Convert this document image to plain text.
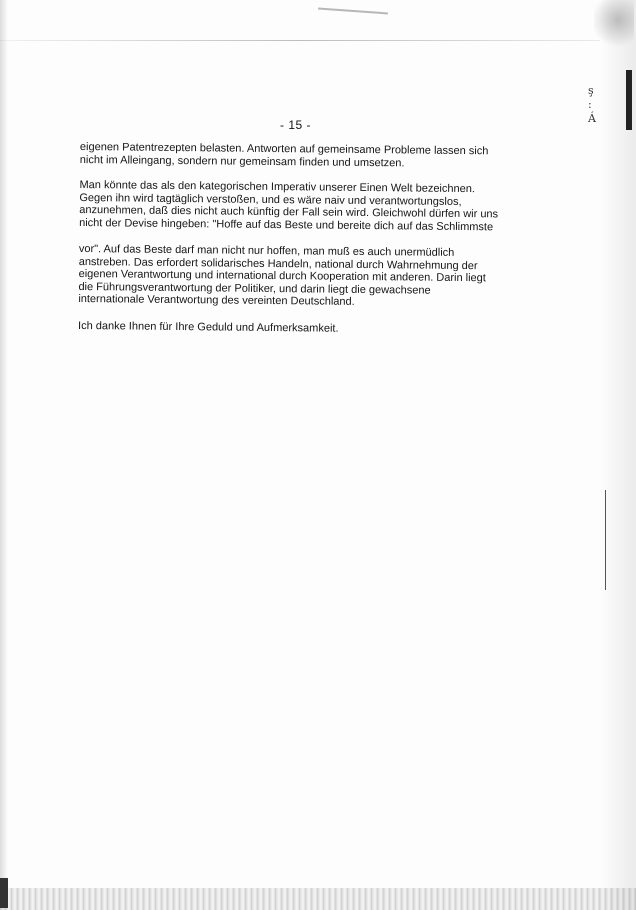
ş
:
Á
- 15 -

eigenen Patentrezepten belasten. Antworten auf gemeinsame Probleme lassen sich

nicht im Alleingang, sondern nur gemeinsam finden und umsetzen.

Man könnte das als den kategorischen Imperativ unserer Einen Welt bezeichnen.

Gegen ihn wird tagtäglich verstoßen, und es wäre naiv und verantwortungslos,

anzunehmen, daß dies nicht auch künftig der Fall sein wird. Gleichwohl dürfen wir uns

nicht der Devise hingeben: "Hoffe auf das Beste und bereite dich auf das Schlimmste

vor". Auf das Beste darf man nicht nur hoffen, man muß es auch unermüdlich

anstreben. Das erfordert solidarisches Handeln, national durch Wahrnehmung der

eigenen Verantwortung und international durch Kooperation mit anderen. Darin liegt

die Führungsverantwortung der Politiker, und darin liegt die gewachsene

internationale Verantwortung des vereinten Deutschland.

Ich danke Ihnen für Ihre Geduld und Aufmerksamkeit.
